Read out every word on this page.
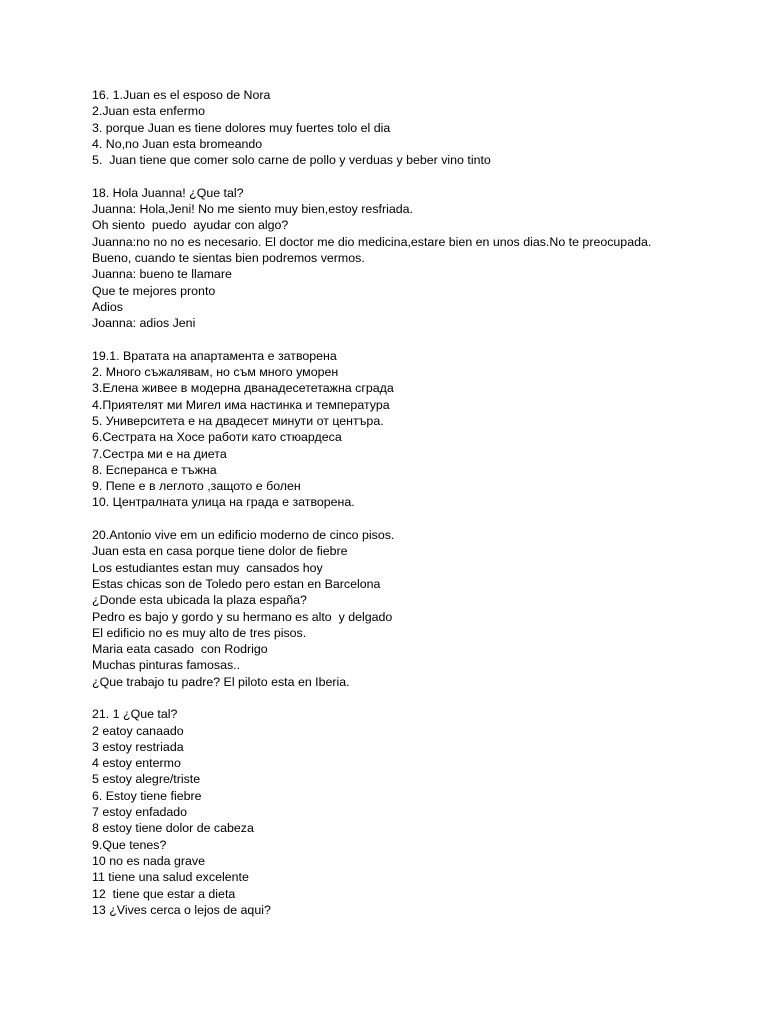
16. 1.Juan es el esposo de Nora
2.Juan esta enfermo
3. porque Juan es tiene dolores muy fuertes tolo el dia
4. No,no Juan esta bromeando
5.  Juan tiene que comer solo carne de pollo y verduas y beber vino tinto
18. Hola Juanna! ¿Que tal?
Juanna: Hola,Jeni! No me siento muy bien,estoy resfriada.
Oh siento  puedo  ayudar con algo?
Juanna:no no no es necesario. El doctor me dio medicina,estare bien en unos dias.No te preocupada.
Bueno, cuando te sientas bien podremos vermos.
Juanna: bueno te llamare
Que te mejores pronto
Adios
Joanna: adios Jeni
19.1. Вратата на апартамента е затворена
2. Много съжалявам, но съм много уморен
3.Елена живее в модерна дванадесететажна сграда
4.Приятелят ми Мигел има настинка и температура
5. Университета е на двадесет минути от центъра.
6.Сестрата на Хосе работи като стюардеса
7.Сестра ми е на диета
8. Есперанса е тъжна
9. Пепе е в леглото ,защото е болен
10. Централната улица на града е затворена.
20.Antonio vive em un edificio moderno de cinco pisos.
Juan esta en casa porque tiene dolor de fiebre
Los estudiantes estan muy  cansados hoy
Estas chicas son de Toledo pero estan en Barcelona
¿Donde esta ubicada la plaza españa?
Pedro es bajo y gordo y su hermano es alto  y delgado
El edificio no es muy alto de tres pisos.
Maria eata casado  con Rodrigo
Muchas pinturas famosas..
¿Que trabajo tu padre? El piloto esta en Iberia.
21. 1 ¿Que tal?
2 eatoy canaado
3 estoy restriada
4 estoy entermo
5 estoy alegre/triste
6. Estoy tiene fiebre
7 estoy enfadado
8 estoy tiene dolor de cabeza
9.Que tenes?
10 no es nada grave
11 tiene una salud excelente
12  tiene que estar a dieta
13 ¿Vives cerca o lejos de aqui?
